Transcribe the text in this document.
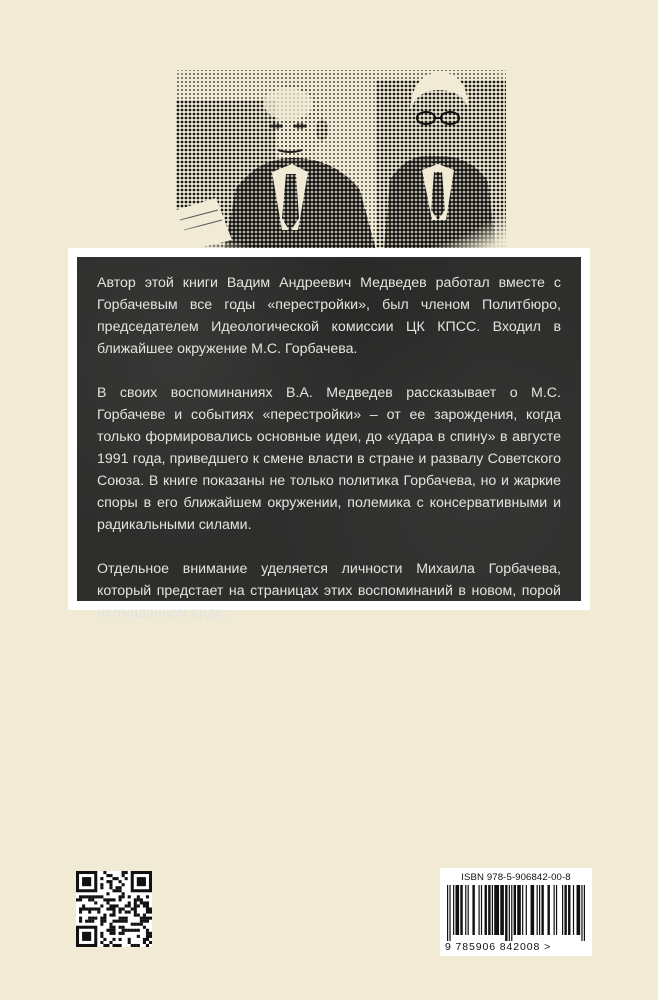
Автор этой книги Вадим Андреевич Медведев работал вместе с Горбачевым все годы «перестройки», был членом Политбюро, председателем Идеологической комиссии ЦК КПСС. Входил в ближайшее окружение М.С. Горбачева.

В своих воспоминаниях В.А. Медведев рассказывает о М.С. Горбачеве и событиях «перестройки» – от ее зарождения, когда только формировались основные идеи, до «удара в спину» в августе 1991 года, приведшего к смене власти в стране и развалу Советского Союза. В книге показаны не только политика Горбачева, но и жаркие споры в его ближайшем окружении, полемика с консервативными и радикальными силами.

Отдельное внимание уделяется личности Михаила Горбачева, который предстает на страницах этих воспоминаний в новом, порой неожиданном виде.

ISBN 978-5-906842-00-8
9 785906 842008 >
